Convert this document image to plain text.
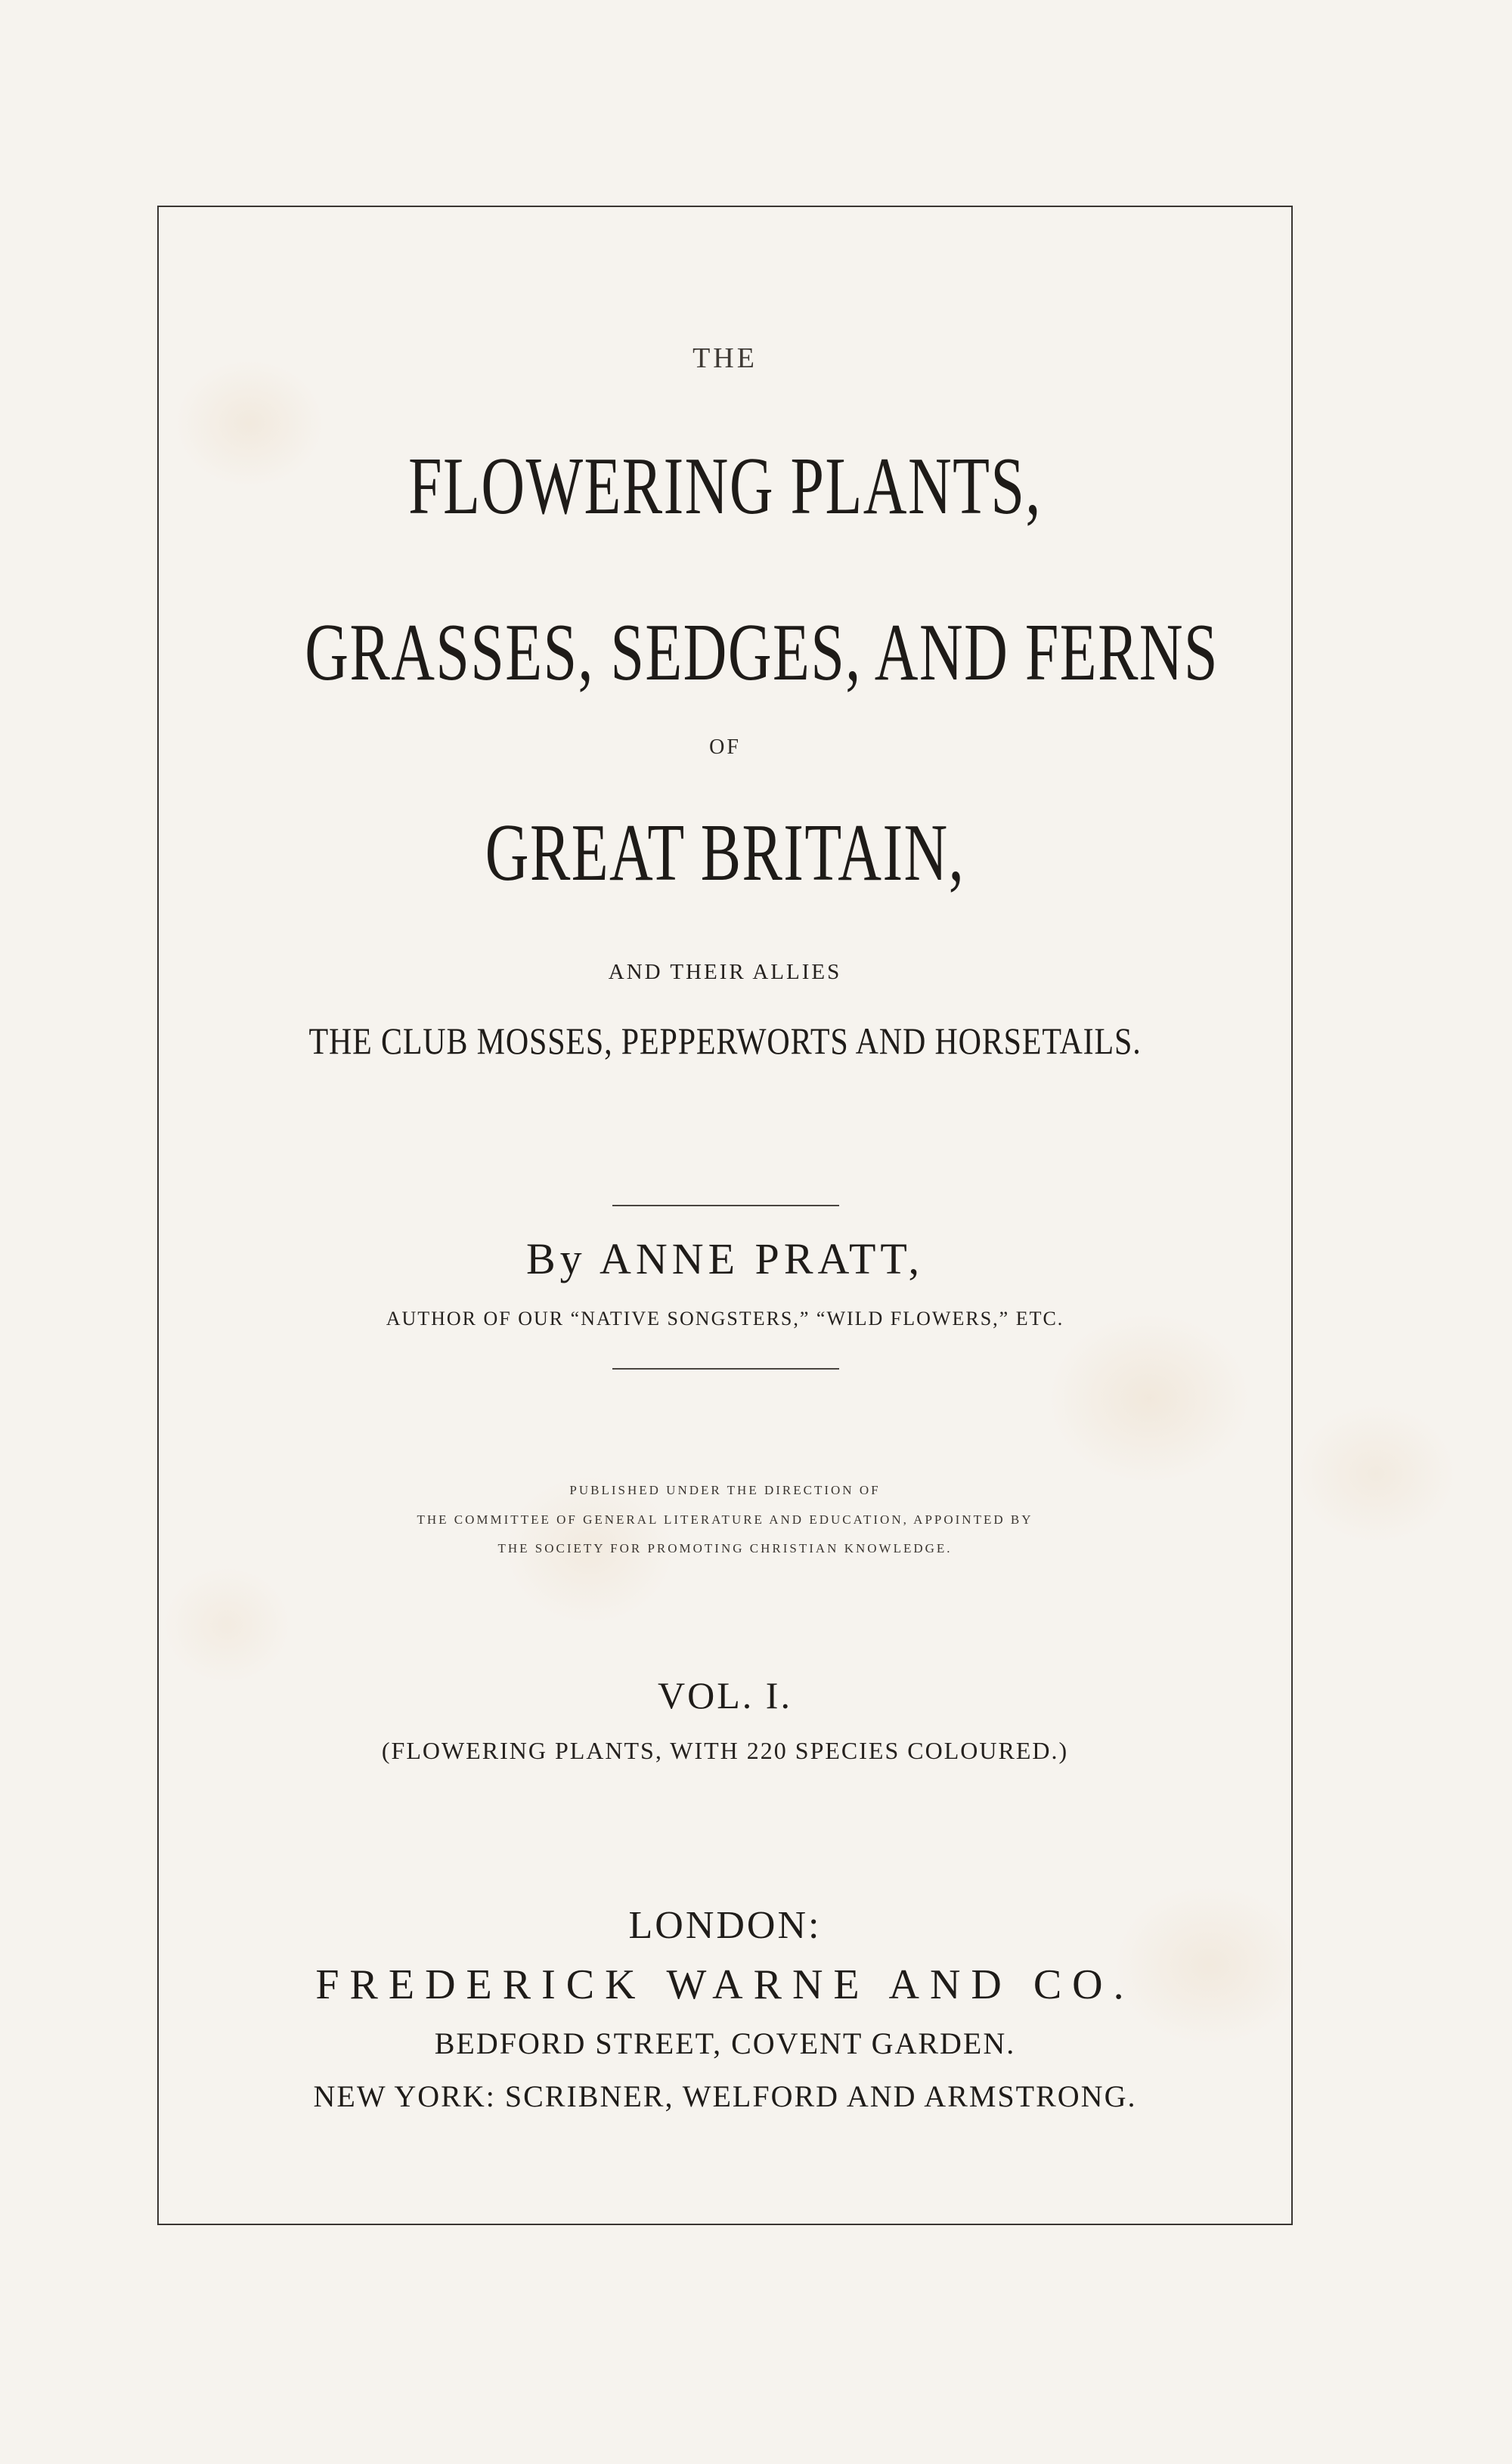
THE
FLOWERING PLANTS,
GRASSES, SEDGES, AND FERNS
OF
GREAT BRITAIN,
AND THEIR ALLIES
THE CLUB MOSSES, PEPPERWORTS AND HORSETAILS.
By ANNE PRATT,
AUTHOR OF OUR “NATIVE SONGSTERS,” “WILD FLOWERS,” ETC.
PUBLISHED UNDER THE DIRECTION OF
THE COMMITTEE OF GENERAL LITERATURE AND EDUCATION, APPOINTED BY
THE SOCIETY FOR PROMOTING CHRISTIAN KNOWLEDGE.
VOL. I.
(FLOWERING PLANTS, WITH 220 SPECIES COLOURED.)
LONDON:
FREDERICK WARNE AND CO.
BEDFORD STREET, COVENT GARDEN.
NEW YORK: SCRIBNER, WELFORD AND ARMSTRONG.
